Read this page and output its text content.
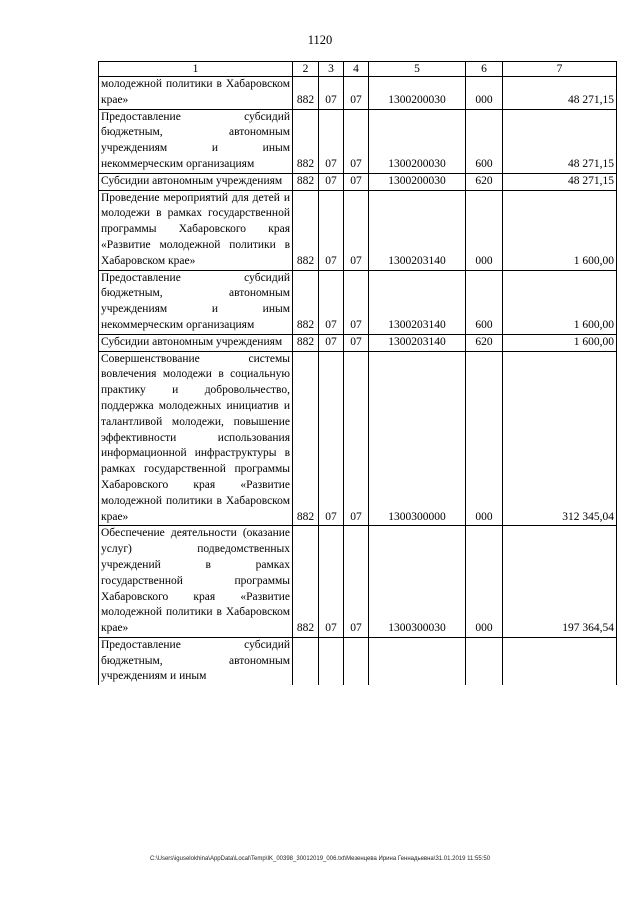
1120
1	2	3	4	5	6	7
молодежной политики в Хабаровском крае»	882	07	07	1300200030	000	48 271,15
Предоставление субсидий бюджетным, автономным учреждениям и иным некоммерческим организациям	882	07	07	1300200030	600	48 271,15
Субсидии автономным учреждениям	882	07	07	1300200030	620	48 271,15
Проведение мероприятий для детей и молодежи в рамках государственной программы Хабаровского края «Развитие молодежной политики в Хабаровском крае»	882	07	07	1300203140	000	1 600,00
Предоставление субсидий бюджетным, автономным учреждениям и иным некоммерческим организациям	882	07	07	1300203140	600	1 600,00
Субсидии автономным учреждениям	882	07	07	1300203140	620	1 600,00
Совершенствование системы вовлечения молодежи в социальную практику и добровольчество, поддержка молодежных инициатив и талантливой молодежи, повышение эффективности использования информационной инфраструктуры в рамках государственной программы Хабаровского края «Развитие молодежной политики в Хабаровском крае»	882	07	07	1300300000	000	312 345,04
Обеспечение деятельности (оказание услуг) подведомственных учреждений в рамках государственной программы Хабаровского края «Развитие молодежной политики в Хабаровском крае»	882	07	07	1300300030	000	197 364,54
Предоставление субсидий бюджетным, автономным учреждениям и иным						
C:\Users\iguselokhina\AppData\Local\Temp\IK_00398_30012019_006.txt\Мезенцева Ирина Геннадьевна\31.01.2019 11:55:50
